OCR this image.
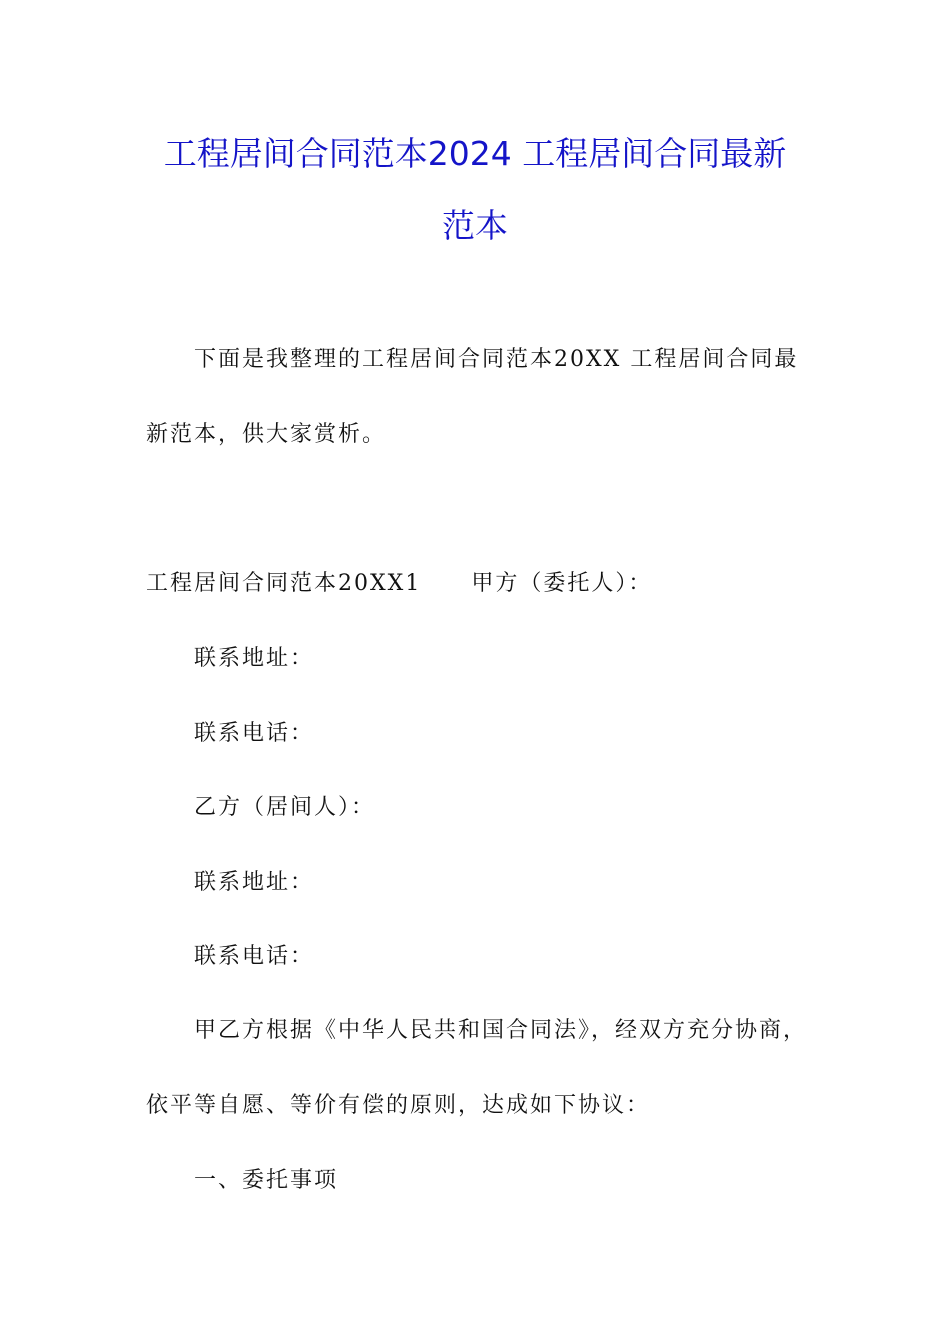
工程居间合同范本2024 工程居间合同最新
范本
下面是我整理的工程居间合同范本20XX 工程居间合同最
新范本，供大家赏析。
工程居间合同范本20XX1 甲方（委托人）：
联系地址：
联系电话：
乙方（居间人）：
联系地址：
联系电话：
甲乙方根据《中华人民共和国合同法》，经双方充分协商，
依平等自愿、等价有偿的原则，达成如下协议：
一、委托事项
